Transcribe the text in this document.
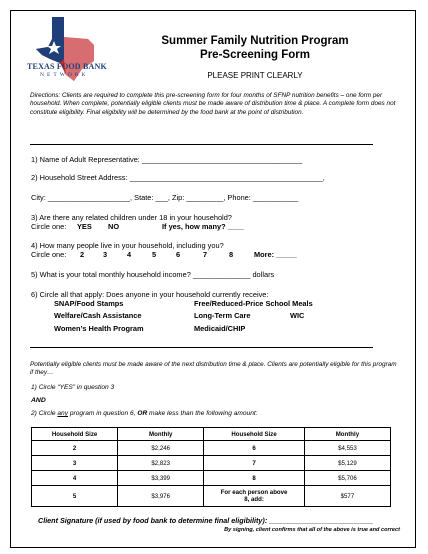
TEXAS FOOD BANK
NETWORK
Summer Family Nutrition Program
Pre-Screening Form
PLEASE PRINT CLEARLY
Directions: Clients are required to complete this pre-screening form for four months of SFNP nutrition benefits – one form per household. When complete, potentially eligible clients must be made aware of distribution time & place. A complete form does not constitute eligibility. Final eligibility will be determined by the food bank at the point of distribution.
1) Name of Adult Representative: _______________________________________
2) Household Street Address: _______________________________________________,
City: ____________________, State: ___, Zip: _________, Phone: ___________
3) Are there any related children under 18 in your household?
Circle one: YES NO	If yes, how many? ____
4) How many people live in your household, including you?
Circle one: 2	3	4	5	6	7	8	More: _____
5) What is your total monthly household income? ______________ dollars
6) Circle all that apply: Does anyone in your household currently receive:
SNAP/Food Stamps	Free/Reduced-Price School Meals
Welfare/Cash Assistance	Long-Term Care	WIC
Women’s Health Program	Medicaid/CHIP
Potentially eligible clients must be made aware of the next distribution time & place. Clients are potentially eligible for this program if they…
1) Circle “YES” in question 3
AND
2) Circle any program in question 6, OR make less than the following amount:
Household Size	Monthly	Household Size	Monthly
2	$2,246	6	$4,553
3	$2,823	7	$5,129
4	$3,399	8	$5,706
5	$3,976	For each person above 8, add:	$577
Client Signature (if used by food bank to determine final eligibility): __________________________
By signing, client confirms that all of the above is true and correct
